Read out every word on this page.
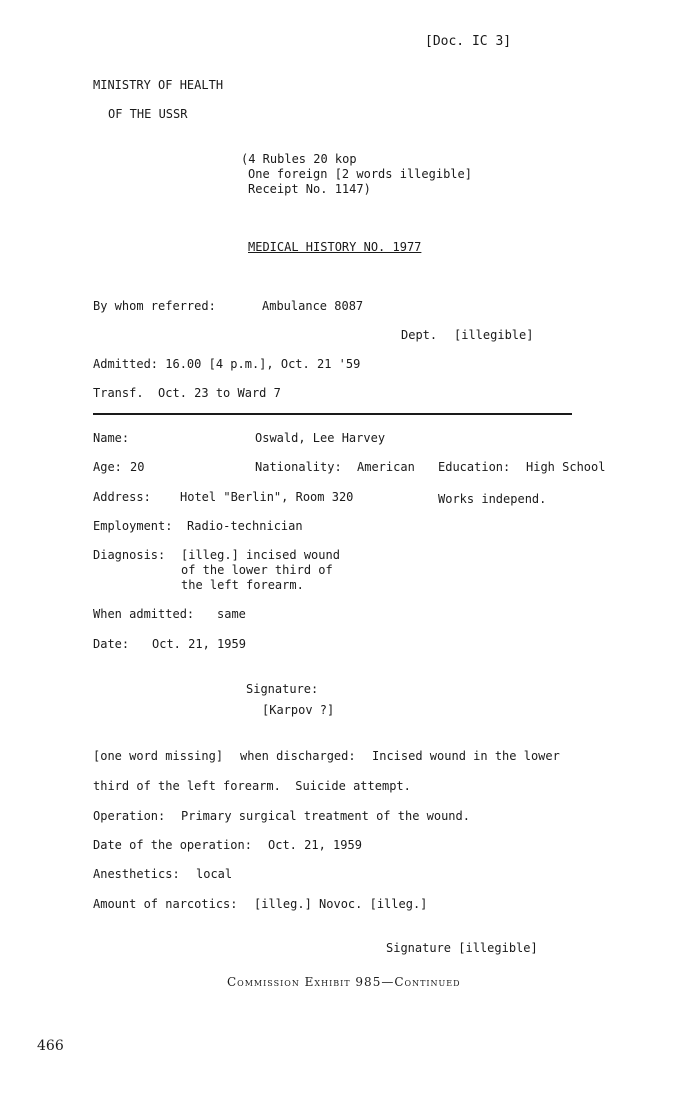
[Doc. IC 3]
MINISTRY OF HEALTH
OF THE USSR
(4 Rubles 20 kop
One foreign [2 words illegible]
Receipt No. 1147)
MEDICAL HISTORY NO. 1977
By whom referred:	Ambulance 8087
Dept. [illegible]
Admitted: 16.00 [4 p.m.], Oct. 21 '59
Transf.  Oct. 23 to Ward 7
Name:	Oswald, Lee Harvey
Age: 20	Nationality: American Education: High School
Address: Hotel "Berlin", Room 320	Works independ.
Employment: Radio-technician
Diagnosis: [illeg.] incised wound
of the lower third of
the left forearm.
When admitted: same
Date: Oct. 21, 1959
Signature:
[Karpov ?]
[one word missing] when discharged: Incised wound in the lower
third of the left forearm.  Suicide attempt.
Operation: Primary surgical treatment of the wound.
Date of the operation: Oct. 21, 1959
Anesthetics: local
Amount of narcotics: [illeg.] Novoc. [illeg.]
Signature [illegible]
Commission Exhibit 985—Continued
466
